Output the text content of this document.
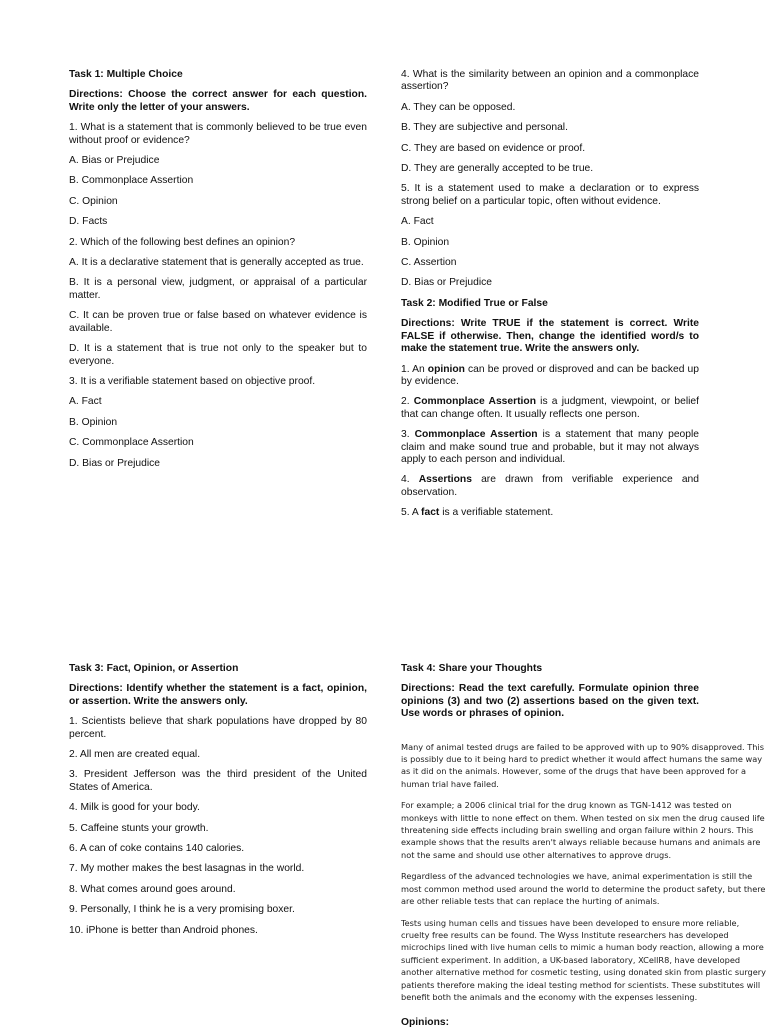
Task 1: Multiple Choice
Directions: Choose the correct answer for each question. Write only the letter of your answers.
1. What is a statement that is commonly believed to be true even without proof or evidence?
A. Bias or Prejudice
B. Commonplace Assertion
C. Opinion
D. Facts
2. Which of the following best defines an opinion?
A. It is a declarative statement that is generally accepted as true.
B. It is a personal view, judgment, or appraisal of a particular matter.
C. It can be proven true or false based on whatever evidence is available.
D. It is a statement that is true not only to the speaker but to everyone.
3. It is a verifiable statement based on objective proof.
A. Fact
B. Opinion
C. Commonplace Assertion
D. Bias or Prejudice
4. What is the similarity between an opinion and a commonplace assertion?
A. They can be opposed.
B. They are subjective and personal.
C. They are based on evidence or proof.
D. They are generally accepted to be true.
5. It is a statement used to make a declaration or to express strong belief on a particular topic, often without evidence.
A. Fact
B. Opinion
C. Assertion
D. Bias or Prejudice
Task 2: Modified True or False
Directions: Write TRUE if the statement is correct. Write FALSE if otherwise. Then, change the identified word/s to make the statement true. Write the answers only.
1. An opinion can be proved or disproved and can be backed up by evidence.
2. Commonplace Assertion is a judgment, viewpoint, or belief that can change often. It usually reflects one person.
3. Commonplace Assertion is a statement that many people claim and make sound true and probable, but it may not always apply to each person and individual.
4. Assertions are drawn from verifiable experience and observation.
5. A fact is a verifiable statement.
Task 3: Fact, Opinion, or Assertion
Directions: Identify whether the statement is a fact, opinion, or assertion. Write the answers only.
1. Scientists believe that shark populations have dropped by 80 percent.
2. All men are created equal.
3. President Jefferson was the third president of the United States of America.
4. Milk is good for your body.
5. Caffeine stunts your growth.
6. A can of coke contains 140 calories.
7. My mother makes the best lasagnas in the world.
8. What comes around goes around.
9. Personally, I think he is a very promising boxer.
10. iPhone is better than Android phones.
Task 4: Share your Thoughts
Directions: Read the text carefully. Formulate opinion three opinions (3) and two (2) assertions based on the given text. Use words or phrases of opinion.
Many of animal tested drugs are failed to be approved with up to 90% disapproved. This is possibly due to it being hard to predict whether it would affect humans the same way as it did on the animals. However, some of the drugs that have been approved for a human trial have failed.
For example; a 2006 clinical trial for the drug known as TGN-1412 was tested on monkeys with little to none effect on them. When tested on six men the drug caused life threatening side effects including brain swelling and organ failure within 2 hours. This example shows that the results aren't always reliable because humans and animals are not the same and should use other alternatives to approve drugs.
Regardless of the advanced technologies we have, animal experimentation is still the most common method used around the world to determine the product safety, but there are other reliable tests that can replace the hurting of animals.
Tests using human cells and tissues have been developed to ensure more reliable, cruelty free results can be found. The Wyss Institute researchers has developed microchips lined with live human cells to mimic a human body reaction, allowing a more sufficient experiment. In addition, a UK-based laboratory, XCellR8, have developed another alternative method for cosmetic testing, using donated skin from plastic surgery patients therefore making the ideal testing method for scientists. These substitutes will benefit both the animals and the economy with the expenses lessening.
Opinions:
